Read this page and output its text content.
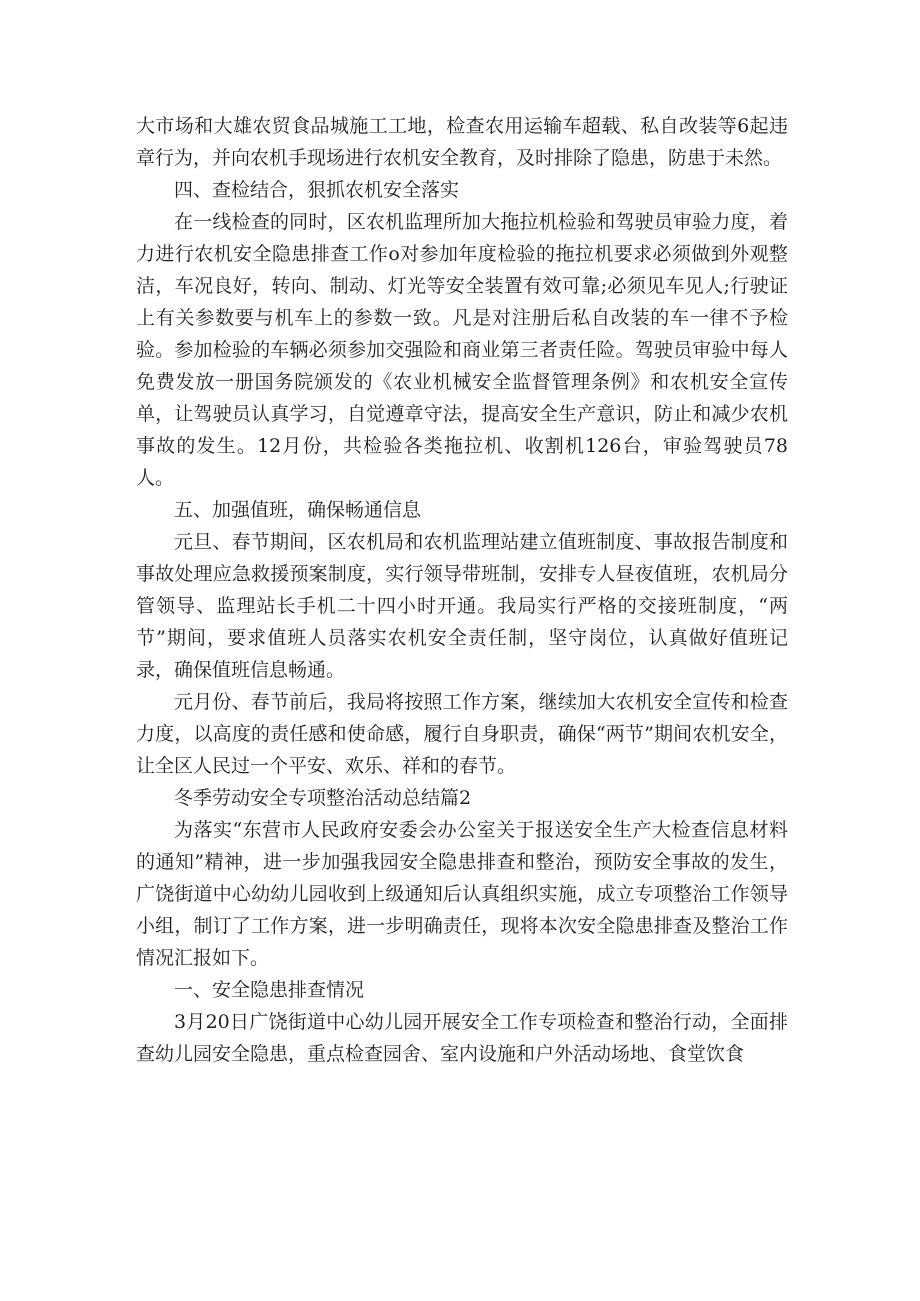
大市场和大雄农贸食品城施工工地，检查农用运输车超载、私自改装等6起违章行为，并向农机手现场进行农机安全教育，及时排除了隐患，防患于未然。

四、查检结合，狠抓农机安全落实

在一线检查的同时，区农机监理所加大拖拉机检验和驾驶员审验力度，着力进行农机安全隐患排查工作o对参加年度检验的拖拉机要求必须做到外观整洁，车况良好，转向、制动、灯光等安全装置有效可靠;必须见车见人;行驶证上有关参数要与机车上的参数一致。凡是对注册后私自改装的车一律不予检验。参加检验的车辆必须参加交强险和商业第三者责任险。驾驶员审验中每人免费发放一册国务院颁发的《农业机械安全监督管理条例》和农机安全宣传单，让驾驶员认真学习，自觉遵章守法，提高安全生产意识，防止和减少农机事故的发生。12月份，共检验各类拖拉机、收割机126台，审验驾驶员78人。

五、加强值班，确保畅通信息

元旦、春节期间，区农机局和农机监理站建立值班制度、事故报告制度和事故处理应急救援预案制度，实行领导带班制，安排专人昼夜值班，农机局分管领导、监理站长手机二十四小时开通。我局实行严格的交接班制度，“两节”期间，要求值班人员落实农机安全责任制，坚守岗位，认真做好值班记录，确保值班信息畅通。

元月份、春节前后，我局将按照工作方案，继续加大农机安全宣传和检查力度，以高度的责任感和使命感，履行自身职责，确保“两节”期间农机安全，让全区人民过一个平安、欢乐、祥和的春节。

冬季劳动安全专项整治活动总结篇2

为落实“东营市人民政府安委会办公室关于报送安全生产大检查信息材料的通知”精神，进一步加强我园安全隐患排查和整治，预防安全事故的发生，广饶街道中心幼幼儿园收到上级通知后认真组织实施，成立专项整治工作领导小组，制订了工作方案，进一步明确责任，现将本次安全隐患排查及整治工作情况汇报如下。

一、安全隐患排查情况

3月20日广饶街道中心幼儿园开展安全工作专项检查和整治行动，全面排查幼儿园安全隐患，重点检查园舍、室内设施和户外活动场地、食堂饮食
